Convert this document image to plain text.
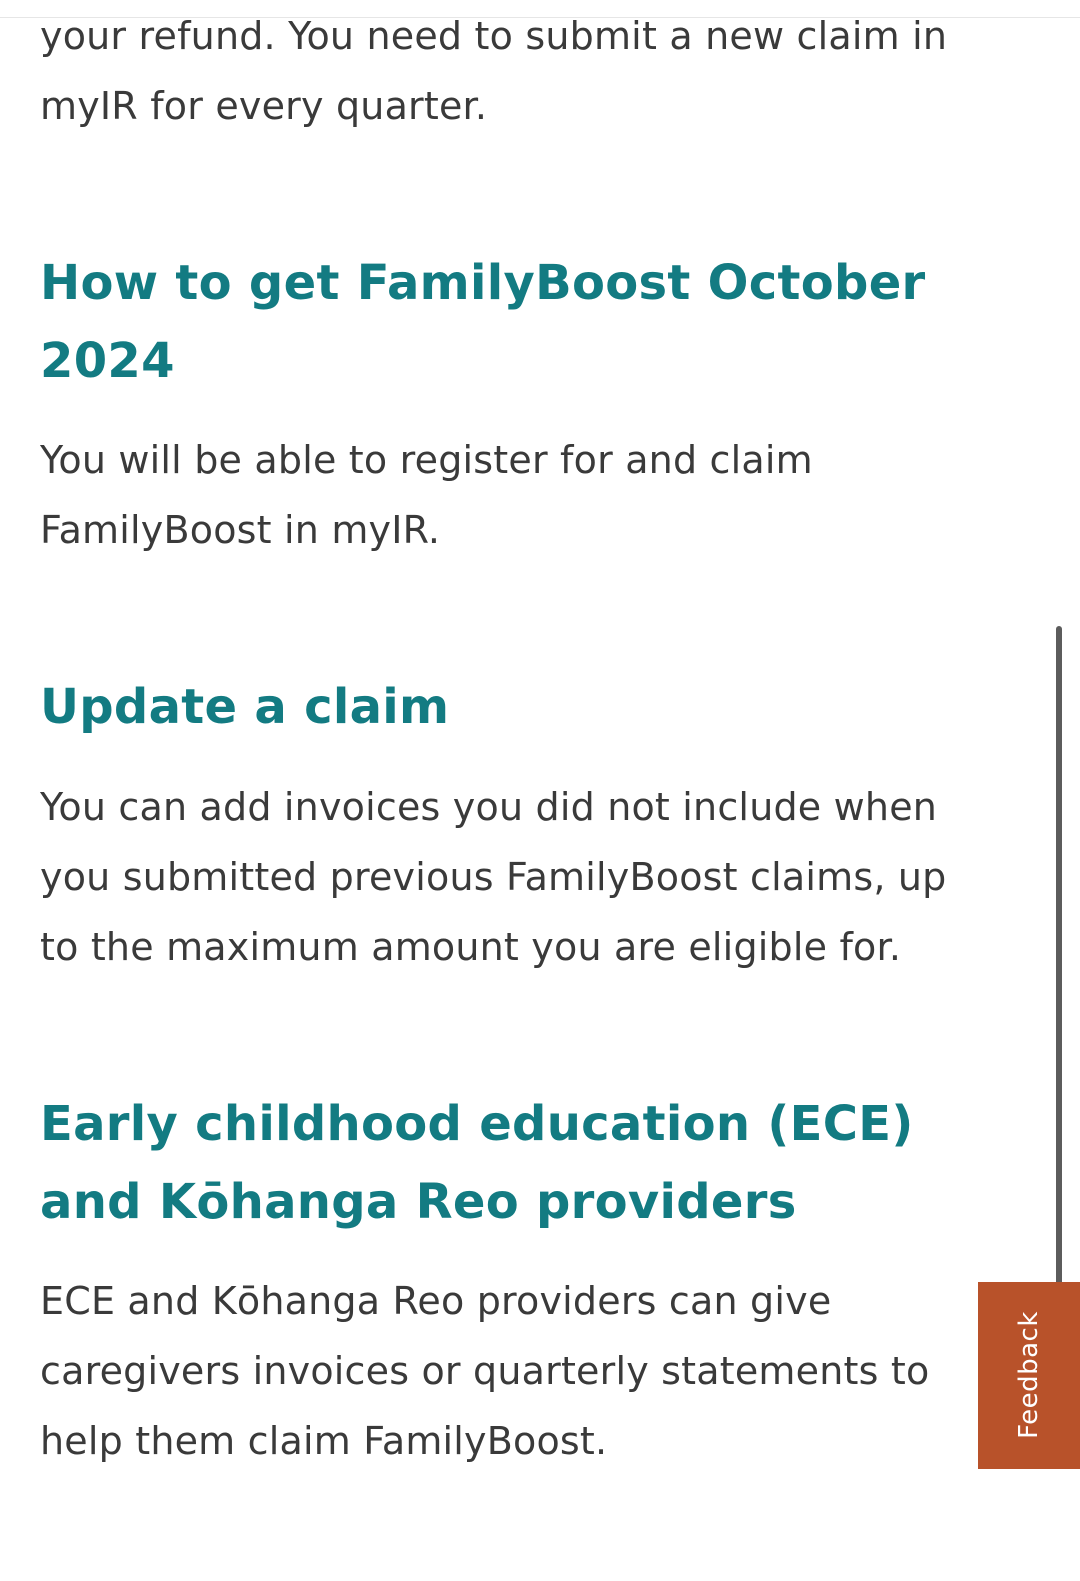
your refund. You need to submit a new claim in
myIR for every quarter.

How to get FamilyBoost October
2024

You will be able to register for and claim
FamilyBoost in myIR.

Update a claim

You can add invoices you did not include when
you submitted previous FamilyBoost claims, up
to the maximum amount you are eligible for.

Early childhood education (ECE)
and Kōhanga Reo providers

ECE and Kōhanga Reo providers can give
caregivers invoices or quarterly statements to
help them claim FamilyBoost.

Feedback
